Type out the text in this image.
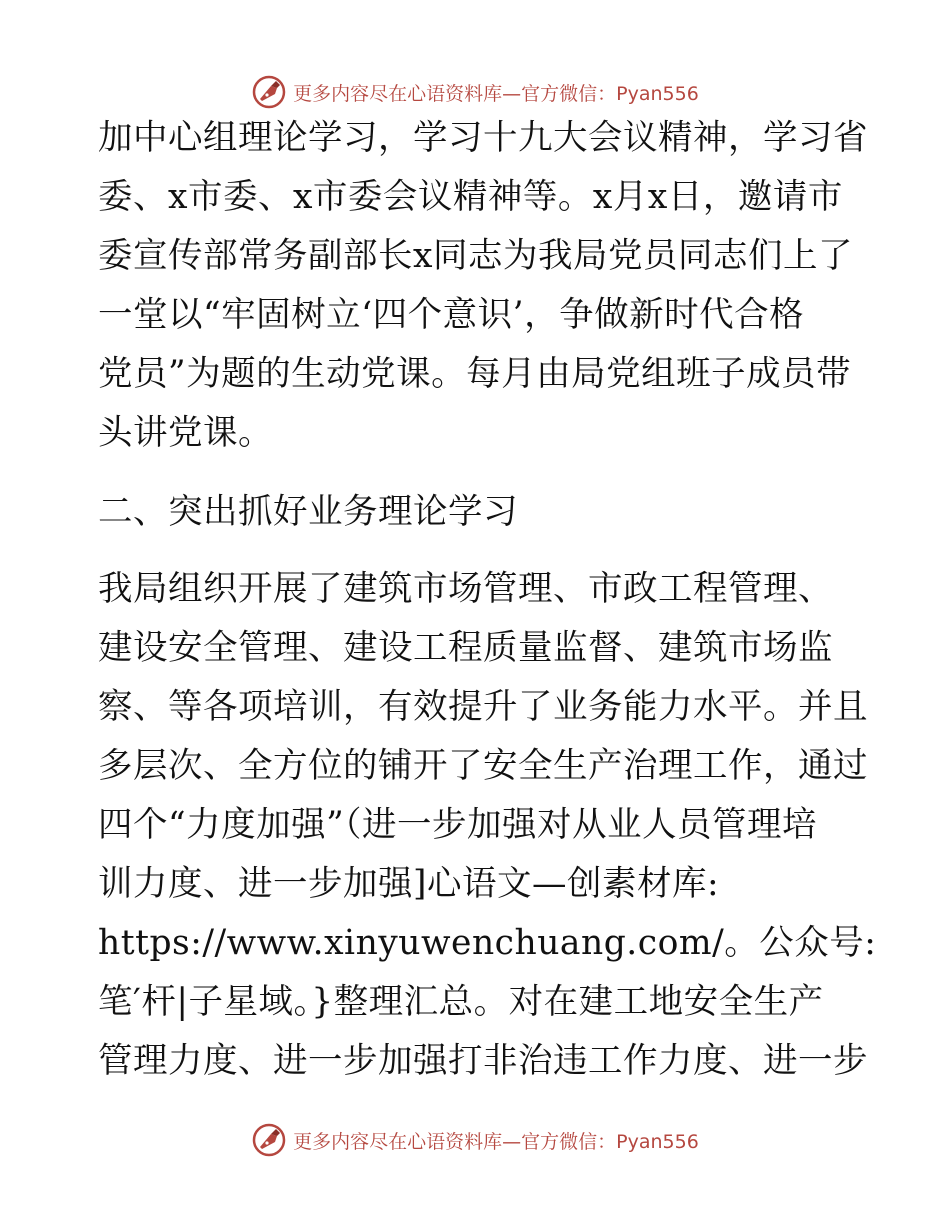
更多内容尽在心语资料库—官方微信：Pyan556
加中心组理论学习，学习十九大会议精神，学习省
委、x市委、x市委会议精神等。x月x日，邀请市
委宣传部常务副部长x同志为我局党员同志们上了
一堂以“牢固树立‘四个意识’，争做新时代合格
党员”为题的生动党课。每月由局党组班子成员带
头讲党课。
二、突出抓好业务理论学习
我局组织开展了建筑市场管理、市政工程管理、
建设安全管理、建设工程质量监督、建筑市场监
察、等各项培训，有效提升了业务能力水平。并且
多层次、全方位的铺开了安全生产治理工作，通过
四个“力度加强”（进一步加强对从业人员管理培
训力度、进一步加强]心语文—创素材库:
https://www.xinyuwenchuang.com/。公众号:
笔′杆|子星域。}整理汇总。对在建工地安全生产
管理力度、进一步加强打非治违工作力度、进一步
更多内容尽在心语资料库—官方微信：Pyan556
